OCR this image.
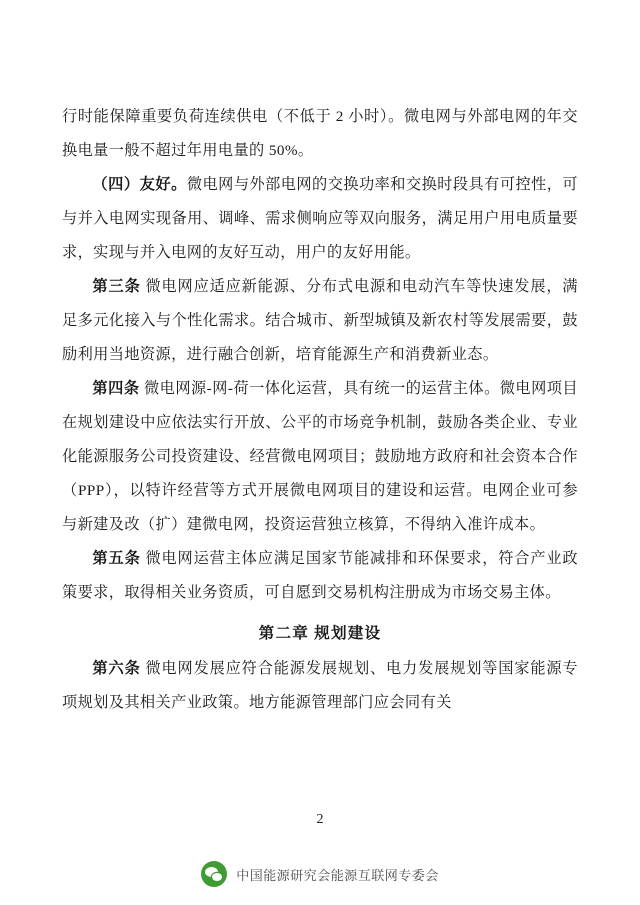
行时能保障重要负荷连续供电（不低于 2 小时）。微电网与外部电网的年交换电量一般不超过年用电量的 50%。

（四）友好。微电网与外部电网的交换功率和交换时段具有可控性，可与并入电网实现备用、调峰、需求侧响应等双向服务，满足用户用电质量要求，实现与并入电网的友好互动，用户的友好用能。

第三条 微电网应适应新能源、分布式电源和电动汽车等快速发展，满足多元化接入与个性化需求。结合城市、新型城镇及新农村等发展需要，鼓励利用当地资源，进行融合创新，培育能源生产和消费新业态。

第四条 微电网源-网-荷一体化运营，具有统一的运营主体。微电网项目在规划建设中应依法实行开放、公平的市场竞争机制，鼓励各类企业、专业化能源服务公司投资建设、经营微电网项目；鼓励地方政府和社会资本合作（PPP），以特许经营等方式开展微电网项目的建设和运营。电网企业可参与新建及改（扩）建微电网，投资运营独立核算，不得纳入准许成本。

第五条 微电网运营主体应满足国家节能减排和环保要求，符合产业政策要求，取得相关业务资质，可自愿到交易机构注册成为市场交易主体。

第二章 规划建设

第六条 微电网发展应符合能源发展规划、电力发展规划等国家能源专项规划及其相关产业政策。地方能源管理部门应会同有关

2
中国能源研究会能源互联网专委会
